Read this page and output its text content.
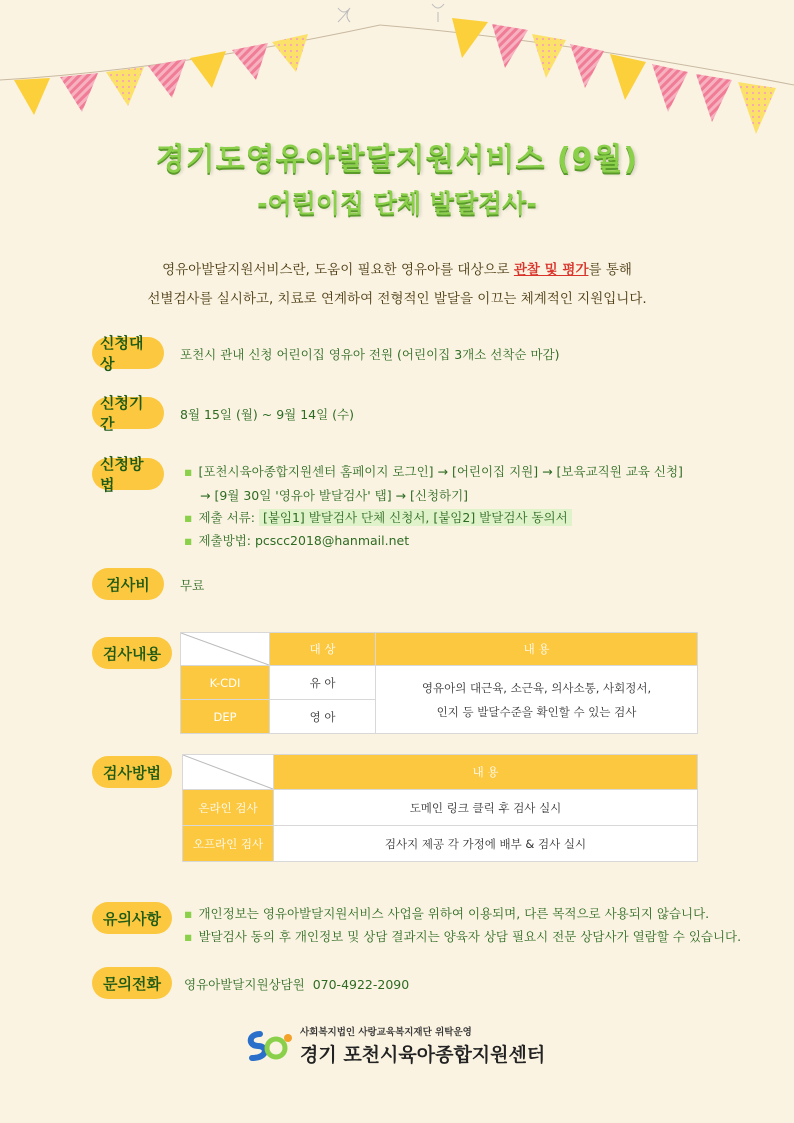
경기도영유아발달지원서비스 (9월)
-어린이집 단체 발달검사-
영유아발달지원서비스란, 도움이 필요한 영유아를 대상으로 관찰 및 평가를 통해
선별검사를 실시하고, 치료로 연계하여 전형적인 발달을 이끄는 체계적인 지원입니다.
신청대상
포천시 관내 신청 어린이집 영유아 전원 (어린이집 3개소 선착순 마감)
신청기간
8월 15일 (월) ~ 9월 14일 (수)
신청방법
▪ [포천시육아종합지원센터 홈페이지 로그인] → [어린이집 지원] → [보육교직원 교육 신청]
→ [9월 30일 '영유아 발달검사' 탭] → [신청하기]
▪ 제출 서류: [붙임1] 발달검사 단체 신청서, [붙임2] 발달검사 동의서
▪ 제출방법: pcscc2018@hanmail.net
검사비	무료
검사내용
		대 상	내 용
K-CDI	유 아	영유아의 대근육, 소근육, 의사소통, 사회정서,
인지 등 발달수준을 확인할 수 있는 검사

DEP	영 아	
검사방법
		내 용
온라인 검사	도메인 링크 클릭 후 검사 실시
오프라인 검사	검사지 제공 각 가정에 배부 & 검사 실시
유의사항	▪ 개인정보는 영유아발달지원서비스 사업을 위하여 이용되며, 다른 목적으로 사용되지 않습니다.
▪ 발달검사 동의 후 개인정보 및 상담 결과지는 양육자 상담 필요시 전문 상담사가 열람할 수 있습니다.
문의전화	영유아발달지원상담원  070-4922-2090
사회복지법인 사랑교육복지재단 위탁운영
경기 포천시육아종합지원센터
